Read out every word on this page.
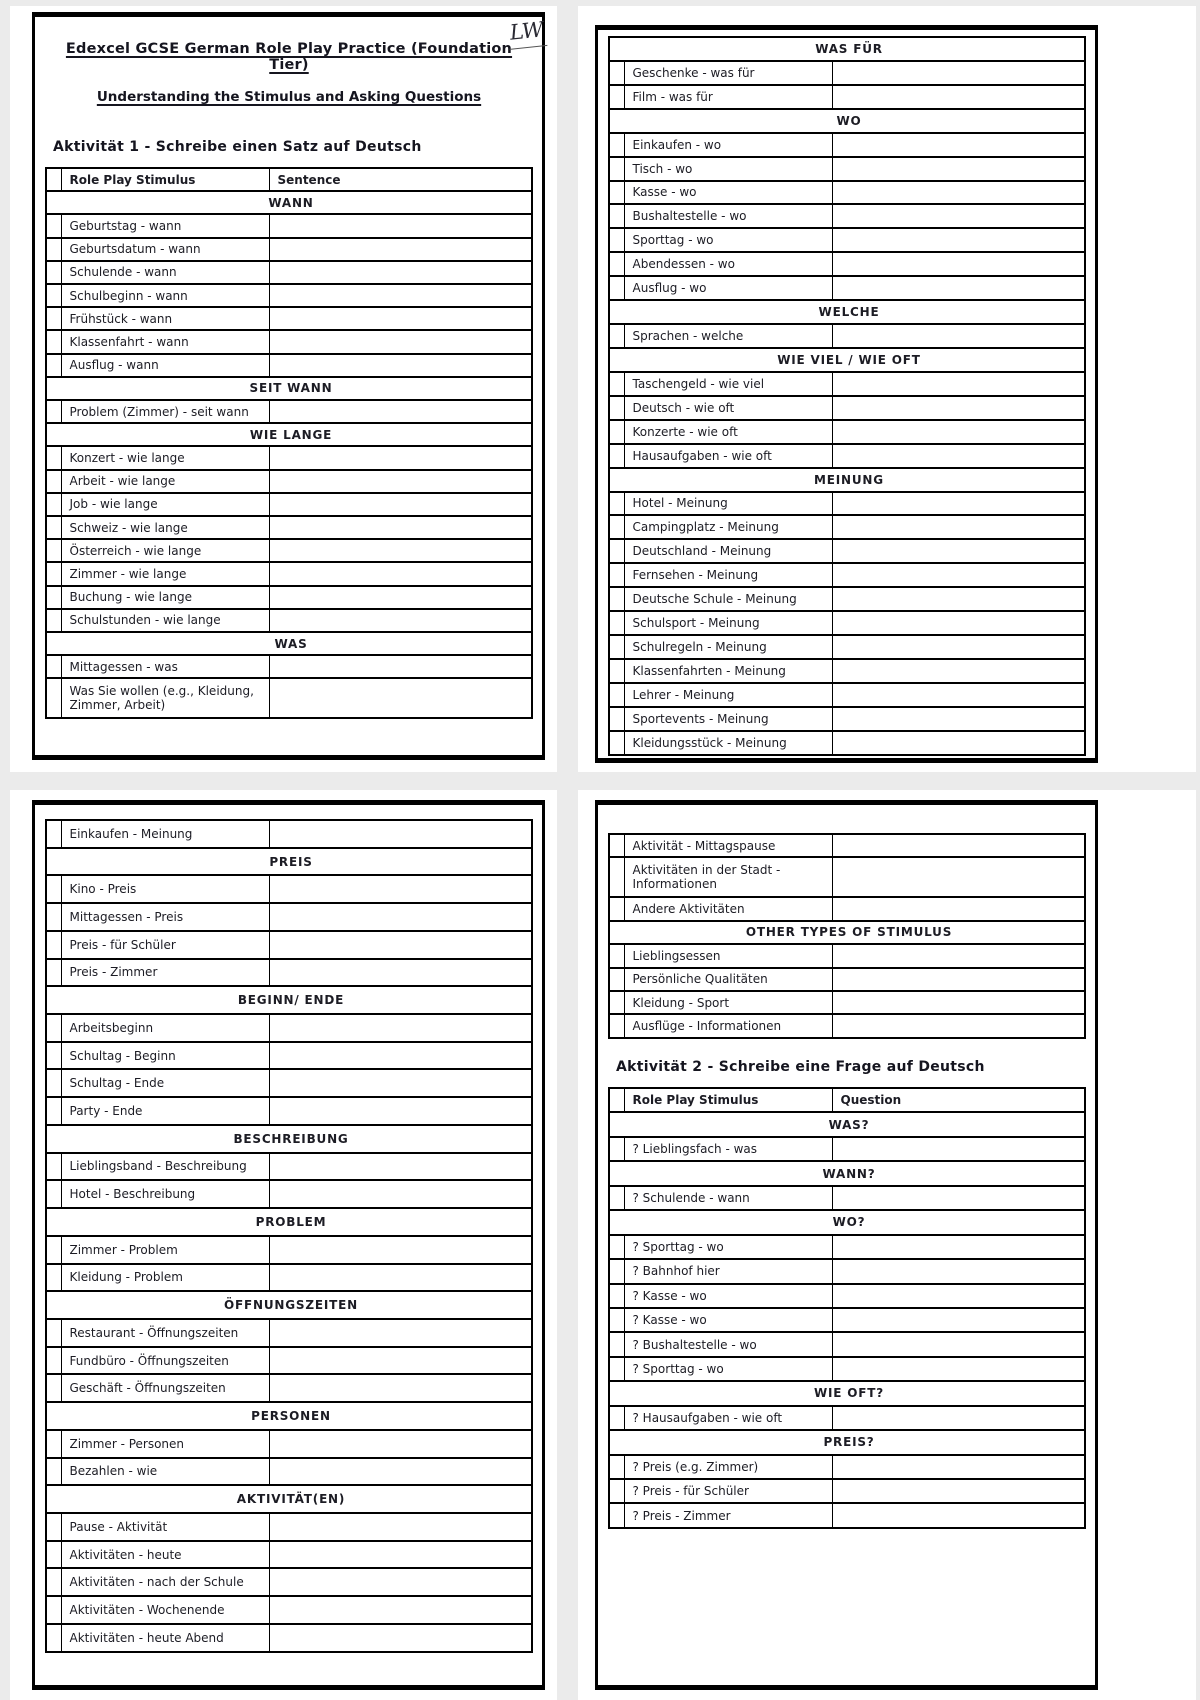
LW
Edexcel GCSE German Role Play Practice (Foundation Tier)
Understanding the Stimulus and Asking Questions
Aktivität 1 - Schreibe einen Satz auf Deutsch
	Role Play Stimulus	Sentence
WANN		
	Geburtstag - wann	
	Geburtsdatum - wann	
	Schulende - wann	
	Schulbeginn - wann	
	Frühstück - wann	
	Klassenfahrt - wann	
	Ausflug - wann	
SEIT WANN		
	Problem (Zimmer) - seit wann	
WIE LANGE		
	Konzert - wie lange	
	Arbeit - wie lange	
	Job - wie lange	
	Schweiz - wie lange	
	Österreich - wie lange	
	Zimmer - wie lange	
	Buchung - wie lange	
	Schulstunden - wie lange	
WAS		
	Mittagessen - was	
	Was Sie wollen (e.g., Kleidung, Zimmer, Arbeit)	
WAS FÜR		
	Geschenke - was für	
	Film - was für	
WO		
	Einkaufen - wo	
	Tisch - wo	
	Kasse - wo	
	Bushaltestelle - wo	
	Sporttag - wo	
	Abendessen - wo	
	Ausflug - wo	
WELCHE		
	Sprachen - welche	
WIE VIEL / WIE OFT		
	Taschengeld - wie viel	
	Deutsch - wie oft	
	Konzerte - wie oft	
	Hausaufgaben - wie oft	
MEINUNG		
	Hotel - Meinung	
	Campingplatz - Meinung	
	Deutschland - Meinung	
	Fernsehen - Meinung	
	Deutsche Schule - Meinung	
	Schulsport - Meinung	
	Schulregeln - Meinung	
	Klassenfahrten - Meinung	
	Lehrer - Meinung	
	Sportevents - Meinung	
	Kleidungsstück - Meinung	
	Einkaufen - Meinung	
PREIS		
	Kino - Preis	
	Mittagessen - Preis	
	Preis - für Schüler	
	Preis - Zimmer	
BEGINN/ ENDE		
	Arbeitsbeginn	
	Schultag - Beginn	
	Schultag - Ende	
	Party - Ende	
BESCHREIBUNG		
	Lieblingsband - Beschreibung	
	Hotel - Beschreibung	
PROBLEM		
	Zimmer - Problem	
	Kleidung - Problem	
ÖFFNUNGSZEITEN		
	Restaurant - Öffnungszeiten	
	Fundbüro - Öffnungszeiten	
	Geschäft - Öffnungszeiten	
PERSONEN		
	Zimmer - Personen	
	Bezahlen - wie	
AKTIVITÄT(EN)		
	Pause - Aktivität	
	Aktivitäten - heute	
	Aktivitäten - nach der Schule	
	Aktivitäten - Wochenende	
	Aktivitäten - heute Abend	
	Aktivität - Mittagspause	
	Aktivitäten in der Stadt - Informationen	
	Andere Aktivitäten	
OTHER TYPES OF STIMULUS		
	Lieblingsessen	
	Persönliche Qualitäten	
	Kleidung - Sport	
	Ausflüge - Informationen	
Aktivität 2 - Schreibe eine Frage auf Deutsch
	Role Play Stimulus	Question
WAS?		
	? Lieblingsfach - was	
WANN?		
	? Schulende - wann	
WO?		
	? Sporttag - wo	
	? Bahnhof hier	
	? Kasse - wo	
	? Kasse - wo	
	? Bushaltestelle - wo	
	? Sporttag - wo	
WIE OFT?		
	? Hausaufgaben - wie oft	
PREIS?		
	? Preis (e.g. Zimmer)	
	? Preis - für Schüler	
	? Preis - Zimmer	
